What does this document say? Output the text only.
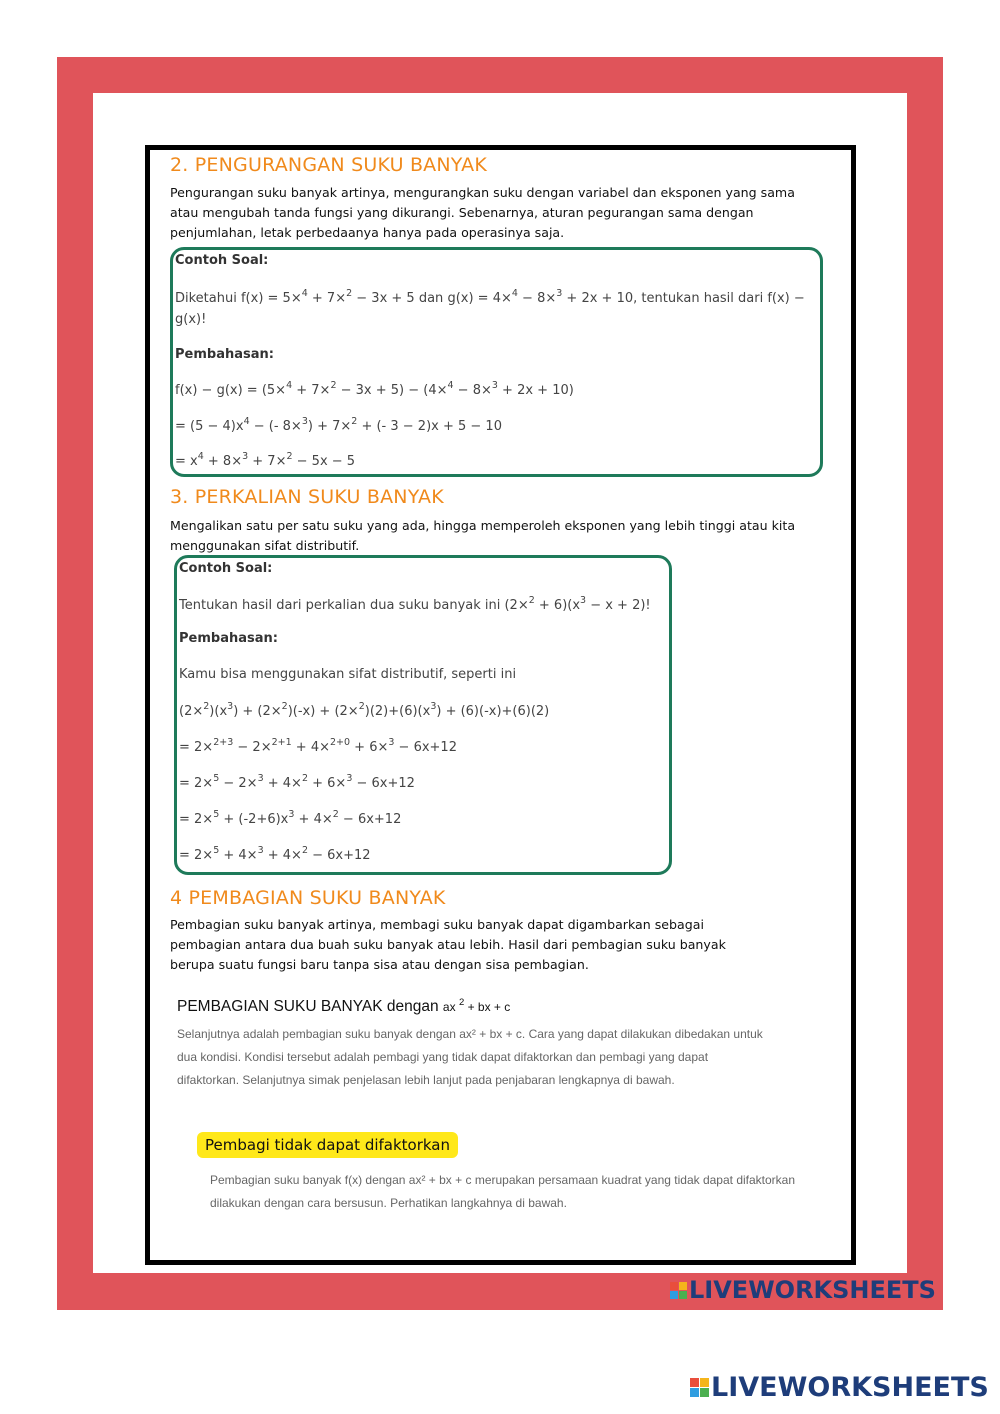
2. PENGURANGAN SUKU BANYAK
Pengurangan suku banyak artinya, mengurangkan suku dengan variabel dan eksponen yang sama atau mengubah tanda fungsi yang dikurangi. Sebenarnya, aturan pegurangan sama dengan penjumlahan, letak perbedaanya hanya pada operasinya saja.
Contoh Soal:
Diketahui f(x) = 5×$^4$ + 7×$^2$ − 3x + 5 dan g(x) = 4×$^4$ − 8×$^3$ + 2x + 10, tentukan hasil dari f(x) −
g(x)!
Pembahasan:
f(x) − g(x) = (5×$^4$ + 7×$^2$ − 3x + 5) − (4×$^4$ − 8×$^3$ + 2x + 10)
= $(5 - 4)x^4$ − (- 8×$^3$) + 7×$^2$ + (- 3 − 2)x + 5 − 10
= $x^4 + 8\times^3 + 7\times^2 - 5x - 5$
3. PERKALIAN SUKU BANYAK
Mengalikan satu per satu suku yang ada, hingga memperoleh eksponen yang lebih tinggi atau kita menggunakan sifat distributif.
Contoh Soal:
Tentukan hasil dari perkalian dua suku banyak ini $(2\times^2 + 6)(x^3 - x + 2)$!
Pembahasan:
Kamu bisa menggunakan sifat distributif, seperti ini
$(2\times^2)(x^3) + (2\times^2)(-x) + (2\times^2)(2)+(6)(x^3) + (6)(-x)+(6)(2)$
= 2×$^{2+3}$ − 2×$^{2+1}$ + 4×$^{2+0}$ + 6×$^3$ − 6x+12
= 2×$^5$ − 2×$^3$ + 4×$^2$ + 6×$^3$ − 6x+12
= $2\times^5 + (-2+6)x^3 + 4\times^2 - 6x+12$
= 2×$^5$ + 4×$^3$ + 4×$^2$ − 6x+12
4 PEMBAGIAN SUKU BANYAK
Pembagian suku banyak artinya, membagi suku banyak dapat digambarkan sebagai pembagian antara dua buah suku banyak atau lebih. Hasil dari pembagian suku banyak berupa suatu fungsi baru tanpa sisa atau dengan sisa pembagian.
PEMBAGIAN SUKU BANYAK dengan ax $^2$ + bx + c
Selanjutnya adalah pembagian suku banyak dengan ax² + bx + c. Cara yang dapat dilakukan dibedakan untuk dua kondisi. Kondisi tersebut adalah pembagi yang tidak dapat difaktorkan dan pembagi yang dapat difaktorkan. Selanjutnya simak penjelasan lebih lanjut pada penjabaran lengkapnya di bawah.
Pembagi tidak dapat difaktorkan
Pembagian suku banyak f(x) dengan ax² + bx + c merupakan persamaan kuadrat yang tidak dapat difaktorkan dilakukan dengan cara bersusun. Perhatikan langkahnya di bawah.
LIVEWORKSHEETS
LIVEWORKSHEETS
